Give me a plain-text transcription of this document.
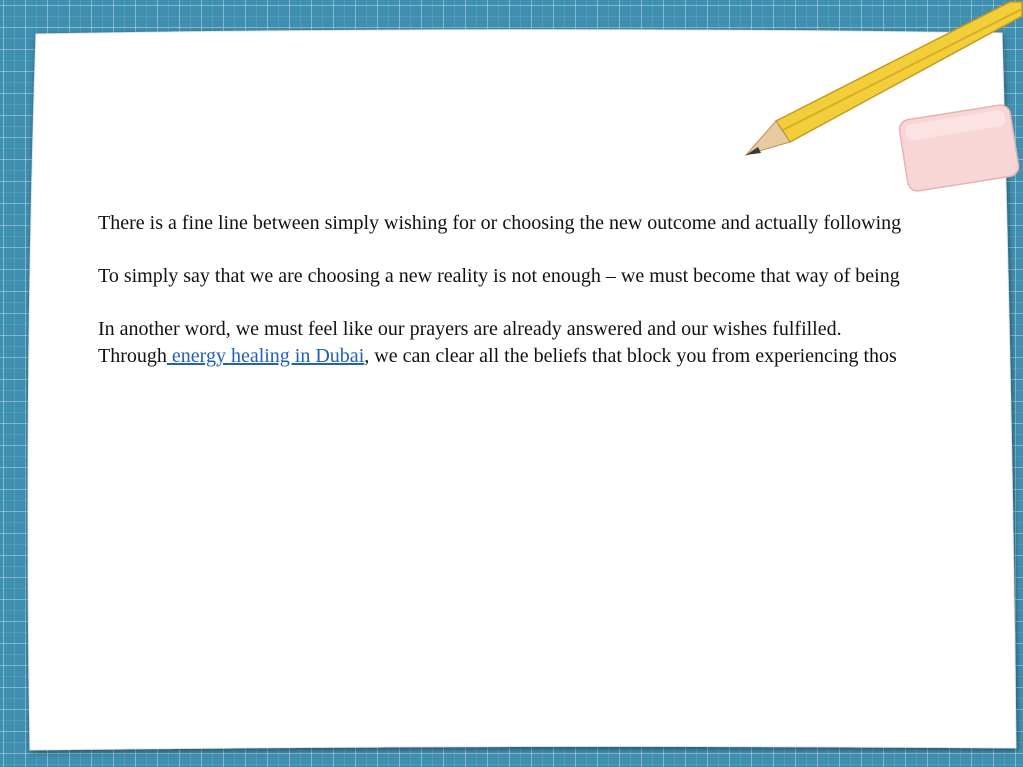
There is a fine line between simply wishing for or choosing the new outcome and actually following

To simply say that we are choosing a new reality is not enough – we must become that way of being

In another word, we must feel like our prayers are already answered and our wishes fulfilled.

Through energy healing in Dubai, we can clear all the beliefs that block you from experiencing thos
